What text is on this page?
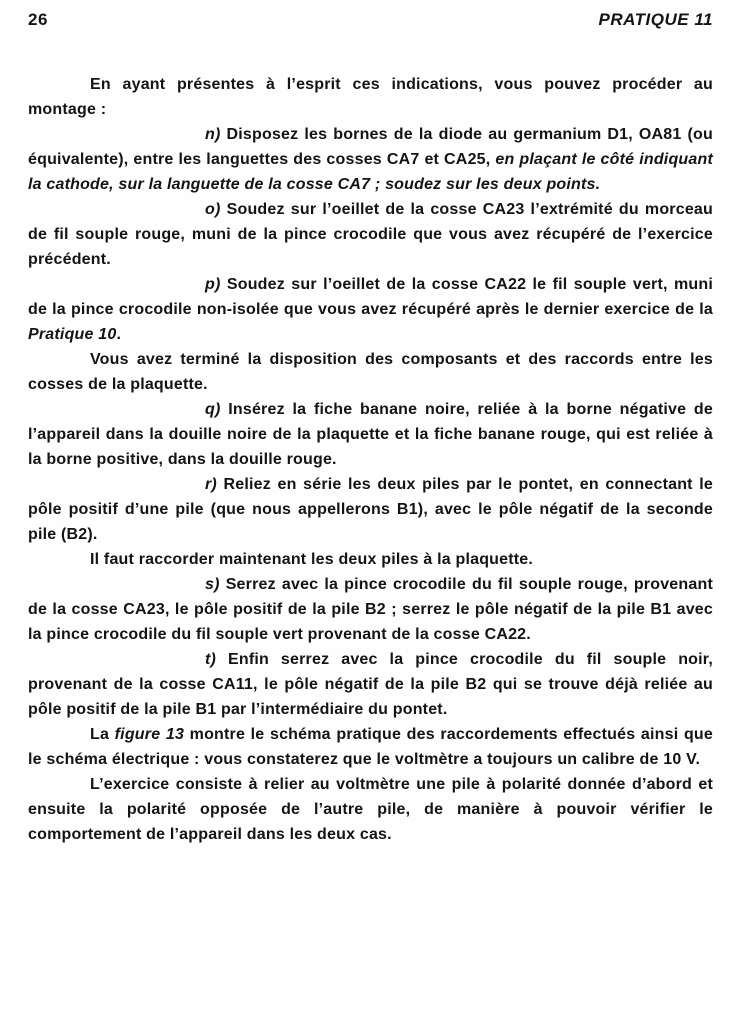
26	PRATIQUE 11

En ayant présentes à l’esprit ces indications, vous pouvez procéder au montage :

n) Disposez les bornes de la diode au germanium D1, OA81 (ou équivalente), entre les languettes des cosses CA7 et CA25, en plaçant le côté indiquant la cathode, sur la languette de la cosse CA7 ; soudez sur les deux points.

o) Soudez sur l’oeillet de la cosse CA23 l’extrémité du morceau de fil souple rouge, muni de la pince crocodile que vous avez récupéré de l’exercice précédent.

p) Soudez sur l’oeillet de la cosse CA22 le fil souple vert, muni de la pince crocodile non-isolée que vous avez récupéré après le dernier exercice de la Pratique 10.

Vous avez terminé la disposition des composants et des raccords entre les cosses de la plaquette.

q) Insérez la fiche banane noire, reliée à la borne négative de l’appareil dans la douille noire de la plaquette et la fiche banane rouge, qui est reliée à la borne positive, dans la douille rouge.

r) Reliez en série les deux piles par le pontet, en connectant le pôle positif d’une pile (que nous appellerons B1), avec le pôle négatif de la seconde pile (B2).

Il faut raccorder maintenant les deux piles à la plaquette.

s) Serrez avec la pince crocodile du fil souple rouge, provenant de la cosse CA23, le pôle positif de la pile B2 ; serrez le pôle négatif de la pile B1 avec la pince crocodile du fil souple vert provenant de la cosse CA22.

t) Enfin serrez avec la pince crocodile du fil souple noir, provenant de la cosse CA11, le pôle négatif de la pile B2 qui se trouve déjà reliée au pôle positif de la pile B1 par l’intermédiaire du pontet.

La figure 13 montre le schéma pratique des raccordements effectués ainsi que le schéma électrique : vous constaterez que le voltmètre a toujours un calibre de 10 V.

L’exercice consiste à relier au voltmètre une pile à polarité donnée d’abord et ensuite la polarité opposée de l’autre pile, de manière à pouvoir vérifier le comportement de l’appareil dans les deux cas.
